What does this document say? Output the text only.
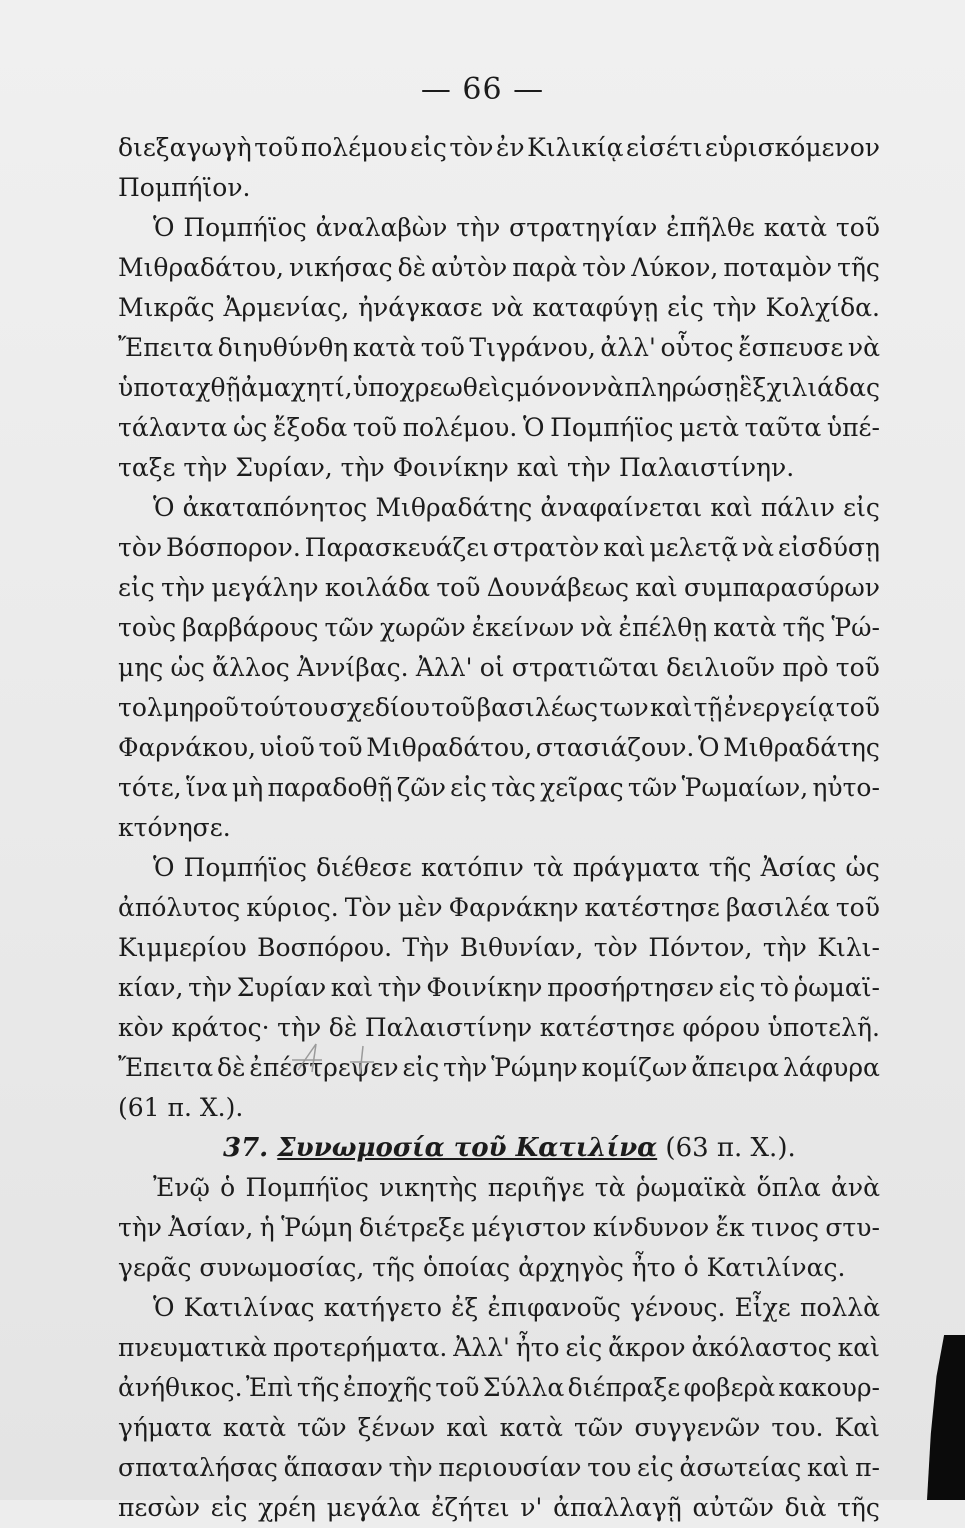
— 66 —
διεξαγωγὴ τοῦ πολέμου εἰς τὸν ἐν Κιλικίᾳ εἰσέτι εὑρισκόμενον
Πομπήϊον.
Ὁ Πομπήϊος ἀναλαβὼν τὴν στρατηγίαν ἐπῆλθε κατὰ τοῦ
Μιθραδάτου, νικήσας δὲ αὐτὸν παρὰ τὸν Λύκον, ποταμὸν τῆς
Μικρᾶς Ἀρμενίας, ἠνάγκασε νὰ καταφύγῃ εἰς τὴν Κολχίδα.
Ἔπειτα διηυθύνθη κατὰ τοῦ Τιγράνου, ἀλλ' οὗτος ἔσπευσε νὰ
ὑποταχθῇ ἀμαχητί, ὑποχρεωθεὶς μόνον νὰ πληρώσῃ ἓξ χιλιάδας
τάλαντα ὡς ἔξοδα τοῦ πολέμου. Ὁ Πομπήϊος μετὰ ταῦτα ὑπέ-
ταξε τὴν Συρίαν, τὴν Φοινίκην καὶ τὴν Παλαιστίνην.
Ὁ ἀκαταπόνητος Μιθραδάτης ἀναφαίνεται καὶ πάλιν εἰς
τὸν Βόσπορον. Παρασκευάζει στρατὸν καὶ μελετᾷ νὰ εἰσδύσῃ
εἰς τὴν μεγάλην κοιλάδα τοῦ Δουνάβεως καὶ συμπαρασύρων
τοὺς βαρβάρους τῶν χωρῶν ἐκείνων νὰ ἐπέλθῃ κατὰ τῆς Ῥώ-
μης ὡς ἄλλος Ἀννίβας. Ἀλλ' οἱ στρατιῶται δειλιοῦν πρὸ τοῦ
τολμηροῦ τούτου σχεδίου τοῦ βασιλέως των καὶ τῇ ἐνεργείᾳ τοῦ
Φαρνάκου, υἱοῦ τοῦ Μιθραδάτου, στασιάζουν. Ὁ Μιθραδάτης
τότε, ἵνα μὴ παραδοθῇ ζῶν εἰς τὰς χεῖρας τῶν Ῥωμαίων, ηὐτο-
κτόνησε.
Ὁ Πομπήϊος διέθεσε κατόπιν τὰ πράγματα τῆς Ἀσίας ὡς
ἀπόλυτος κύριος. Τὸν μὲν Φαρνάκην κατέστησε βασιλέα τοῦ
Κιμμερίου Βοσπόρου. Τὴν Βιθυνίαν, τὸν Πόντον, τὴν Κιλι-
κίαν, τὴν Συρίαν καὶ τὴν Φοινίκην προσήρτησεν εἰς τὸ ῥωμαϊ-
κὸν κράτος· τὴν δὲ Παλαιστίνην κατέστησε φόρου ὑποτελῆ.
Ἔπειτα δὲ ἐπέστρεψεν εἰς τὴν Ῥώμην κομίζων ἄπειρα λάφυρα
(61 π. Χ.).
37. Συνωμοσία τοῦ Κατιλίνα (63 π. Χ.).
Ἐνῷ ὁ Πομπήϊος νικητὴς περιῆγε τὰ ῥωμαϊκὰ ὅπλα ἀνὰ
τὴν Ἀσίαν, ἡ Ῥώμη διέτρεξε μέγιστον κίνδυνον ἔκ τινος στυ-
γερᾶς συνωμοσίας, τῆς ὁποίας ἀρχηγὸς ἦτο ὁ Κατιλίνας.
Ὁ Κατιλίνας κατήγετο ἐξ ἐπιφανοῦς γένους. Εἶχε πολλὰ
πνευματικὰ προτερήματα. Ἀλλ' ἦτο εἰς ἄκρον ἀκόλαστος καὶ
ἀνήθικος. Ἐπὶ τῆς ἐποχῆς τοῦ Σύλλα διέπραξε φοβερὰ κακουρ-
γήματα κατὰ τῶν ξένων καὶ κατὰ τῶν συγγενῶν του. Καὶ
σπαταλήσας ἅπασαν τὴν περιουσίαν του εἰς ἀσωτείας καὶ π-
πεσὼν εἰς χρέη μεγάλα ἐζήτει ν' ἀπαλλαγῇ αὐτῶν διὰ τῆς
